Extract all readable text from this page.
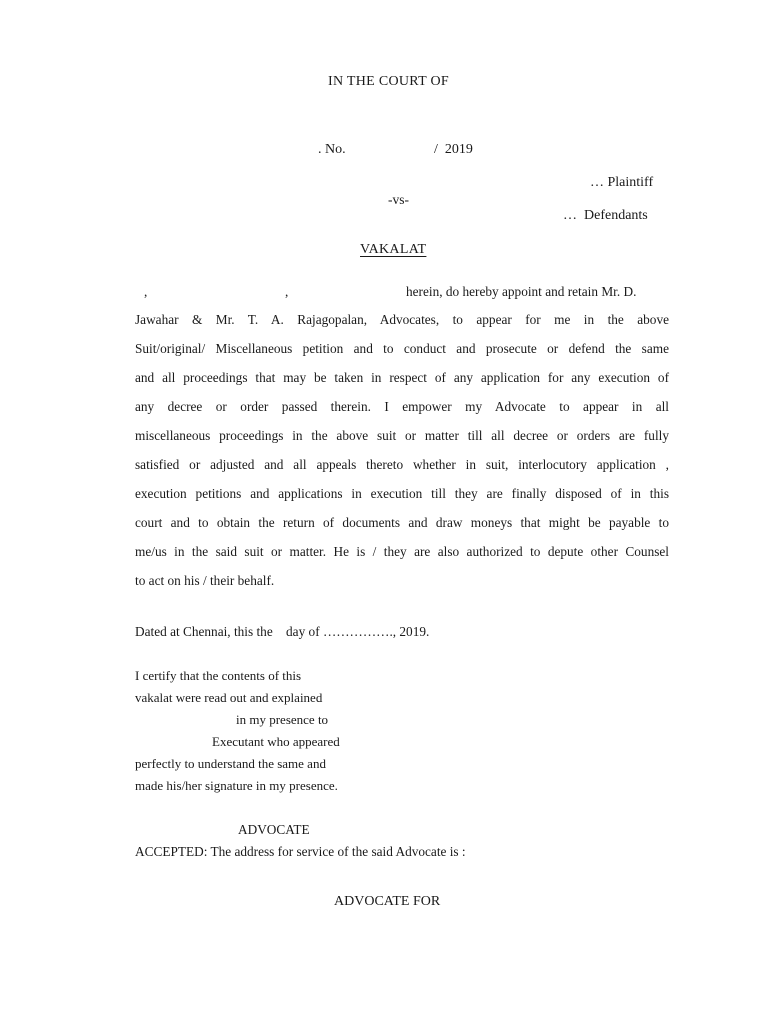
IN THE COURT OF
. No.	/  2019
… Plaintiff
-vs-
…  Defendants
VAKALAT
,	,	herein, do hereby appoint and retain Mr. D.
Jawahar & Mr. T. A. Rajagopalan, Advocates, to appear for me in the above
Suit/original/ Miscellaneous petition and to conduct and prosecute or defend the same
and all proceedings that may be taken in respect of any application for any execution of
any decree or order passed therein. I empower my Advocate to appear in all
miscellaneous proceedings in the above suit or matter till all decree or orders are fully
satisfied or adjusted and all appeals thereto whether in suit, interlocutory application ,
execution petitions and applications in execution till they are finally disposed of in this
court and to obtain the return of documents and draw moneys that might be payable to
me/us in the said suit or matter. He is / they are also authorized to depute other Counsel
to act on his / their behalf.
Dated at Chennai, this the    day of ……………., 2019.
I certify that the contents of this
vakalat were read out and explained
in my presence to
Executant who appeared
perfectly to understand the same and
made his/her signature in my presence.
ADVOCATE
ACCEPTED: The address for service of the said Advocate is :
ADVOCATE FOR
